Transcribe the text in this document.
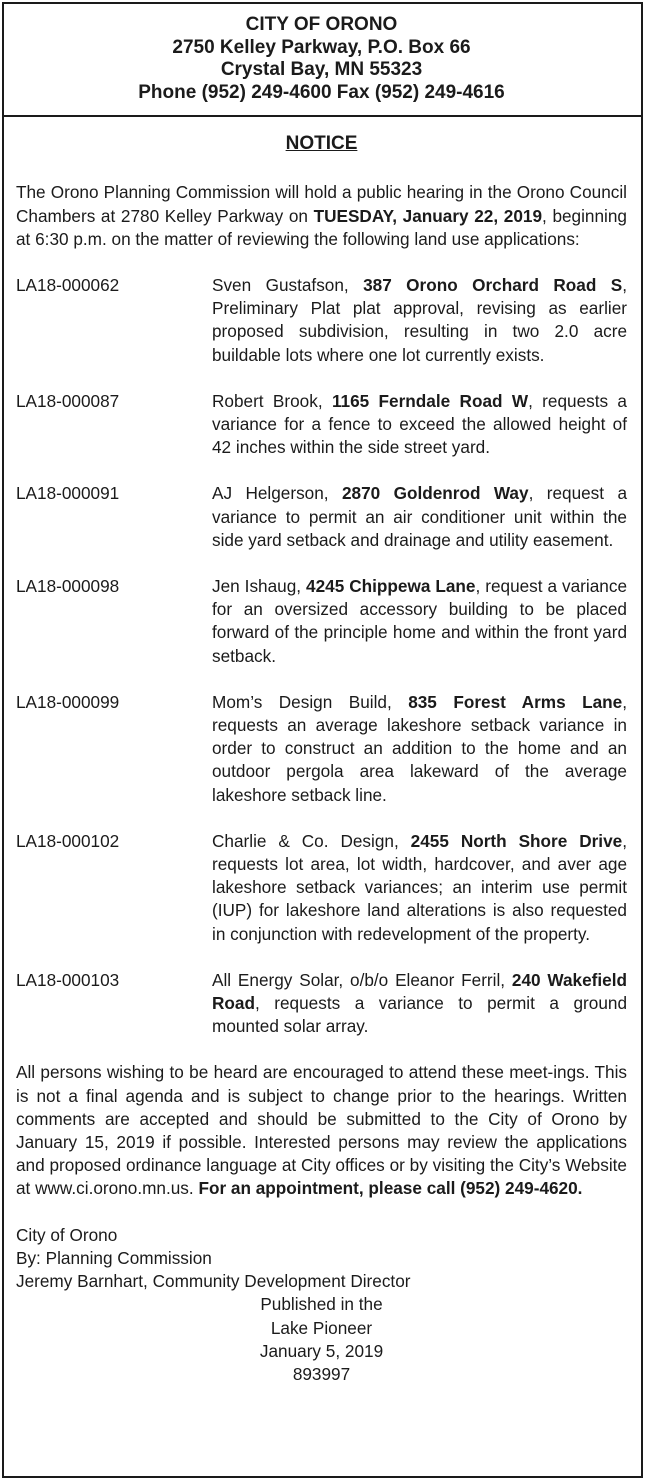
CITY OF ORONO
2750 Kelley Parkway, P.O. Box 66
Crystal Bay, MN 55323
Phone (952) 249-4600 Fax (952) 249-4616
NOTICE
The Orono Planning Commission will hold a public hearing in the Orono Council Chambers at 2780 Kelley Parkway on TUESDAY, January 22, 2019, beginning at 6:30 p.m. on the matter of reviewing the following land use applications:
LA18-000062	Sven Gustafson, 387 Orono Orchard Road S, Preliminary Plat plat approval, revising as earlier proposed subdivision, resulting in two 2.0 acre buildable lots where one lot currently exists.
LA18-000087	Robert Brook, 1165 Ferndale Road W, requests a variance for a fence to exceed the allowed height of 42 inches within the side street yard.
LA18-000091	AJ Helgerson, 2870 Goldenrod Way, request a variance to permit an air conditioner unit within the side yard setback and drainage and utility easement.
LA18-000098	Jen Ishaug, 4245 Chippewa Lane, request a variance for an oversized accessory building to be placed forward of the principle home and within the front yard setback.
LA18-000099	Mom’s Design Build, 835 Forest Arms Lane, requests an average lakeshore setback variance in order to construct an addition to the home and an outdoor pergola area lakeward of the average lakeshore setback line.
LA18-000102	Charlie & Co. Design, 2455 North Shore Drive, requests lot area, lot width, hardcover, and aver age lakeshore setback variances; an interim use permit (IUP) for lakeshore land alterations is also requested in conjunction with redevelopment of the property.
LA18-000103	All Energy Solar, o/b/o Eleanor Ferril, 240 Wakefield Road, requests a variance to permit a ground mounted solar array.
All persons wishing to be heard are encouraged to attend these meet-ings. This is not a final agenda and is subject to change prior to the hearings. Written comments are accepted and should be submitted to the City of Orono by January 15, 2019 if possible. Interested persons may review the applications and proposed ordinance language at City offices or by visiting the City’s Website at www.ci.orono.mn.us. For an appointment, please call (952) 249-4620.
City of Orono
By: Planning Commission
Jeremy Barnhart, Community Development Director
Published in the
Lake Pioneer
January 5, 2019
893997
